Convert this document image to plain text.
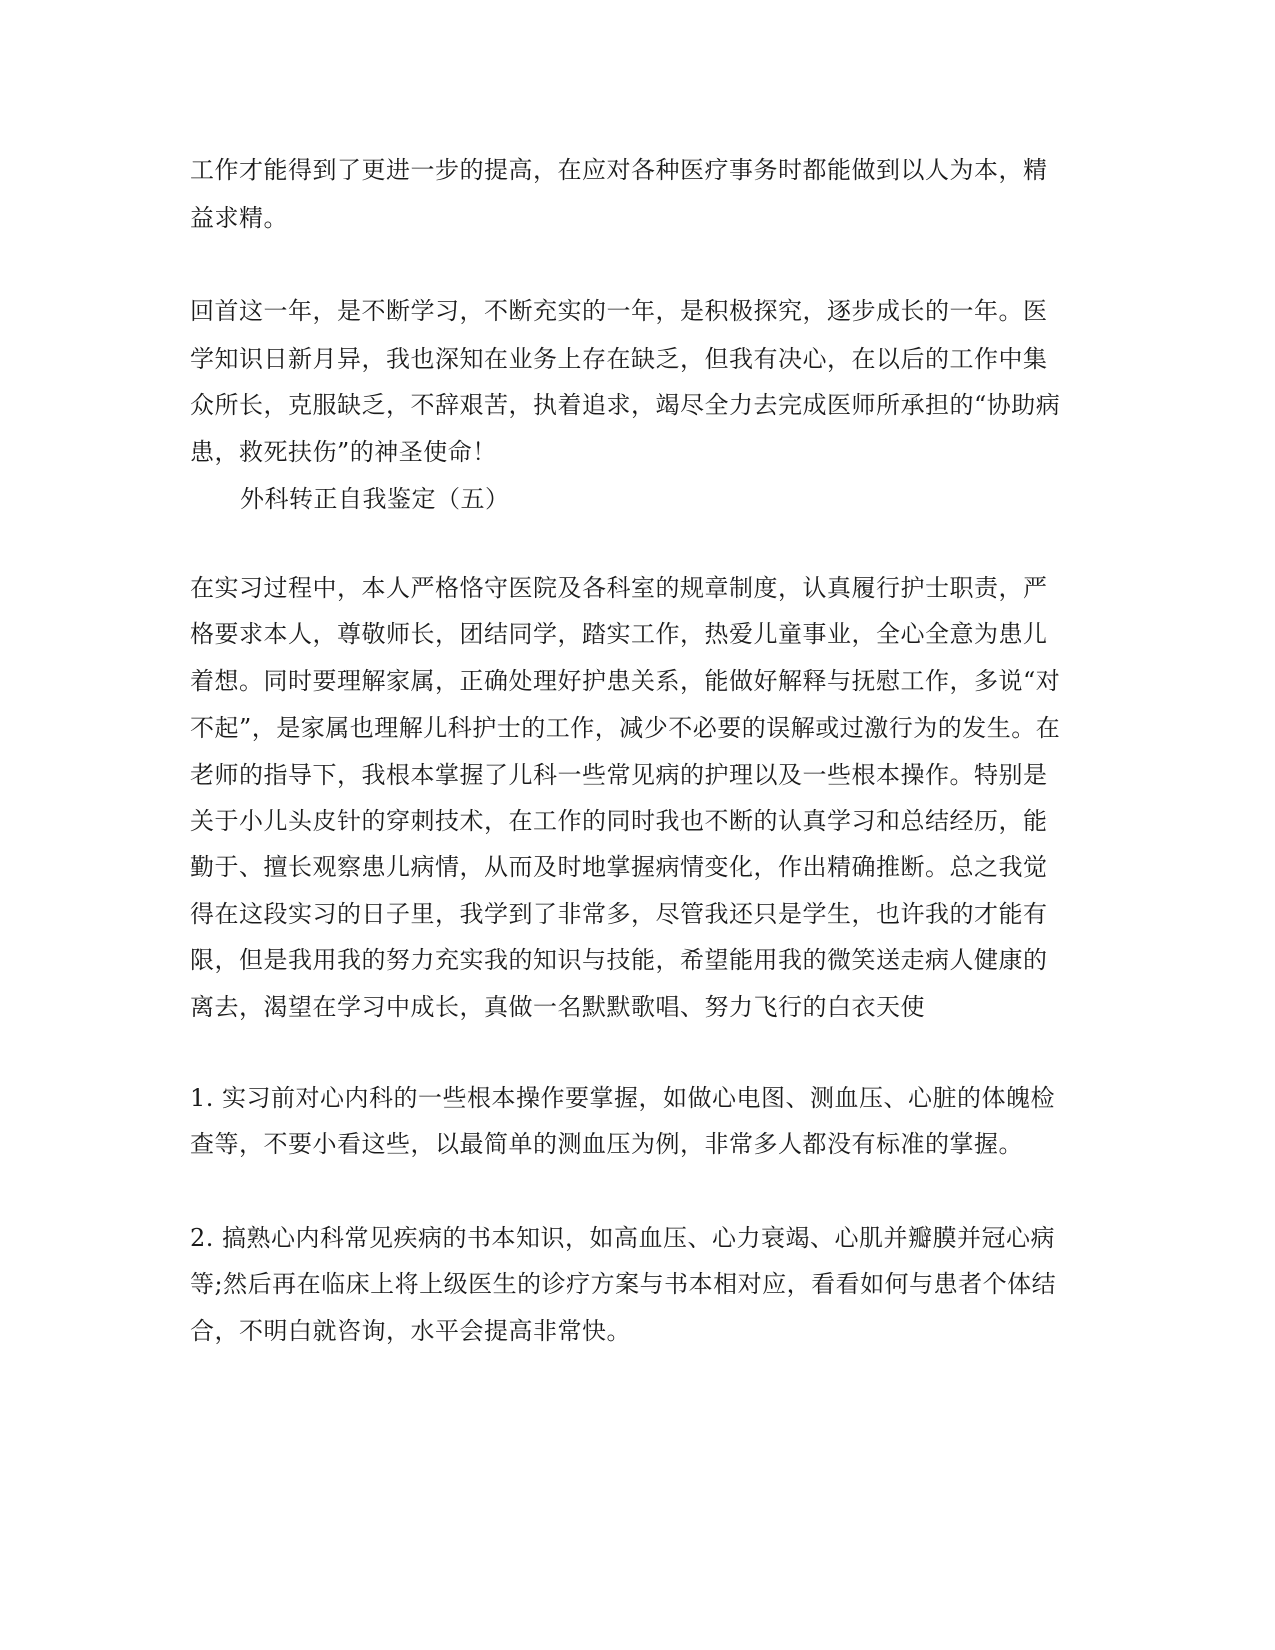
工作才能得到了更进一步的提高，在应对各种医疗事务时都能做到以人为本，精
益求精。
回首这一年，是不断学习，不断充实的一年，是积极探究，逐步成长的一年。医
学知识日新月异，我也深知在业务上存在缺乏，但我有决心，在以后的工作中集
众所长，克服缺乏，不辞艰苦，执着追求，竭尽全力去完成医师所承担的“协助病
患，救死扶伤”的神圣使命！
外科转正自我鉴定（五）
在实习过程中，本人严格恪守医院及各科室的规章制度，认真履行护士职责，严
格要求本人，尊敬师长，团结同学，踏实工作，热爱儿童事业，全心全意为患儿
着想。同时要理解家属，正确处理好护患关系，能做好解释与抚慰工作，多说“对
不起”，是家属也理解儿科护士的工作，减少不必要的误解或过激行为的发生。在
老师的指导下，我根本掌握了儿科一些常见病的护理以及一些根本操作。特别是
关于小儿头皮针的穿刺技术，在工作的同时我也不断的认真学习和总结经历，能
勤于、擅长观察患儿病情，从而及时地掌握病情变化，作出精确推断。总之我觉
得在这段实习的日子里，我学到了非常多，尽管我还只是学生，也许我的才能有
限，但是我用我的努力充实我的知识与技能，希望能用我的微笑送走病人健康的
离去，渴望在学习中成长，真做一名默默歌唱、努力飞行的白衣天使
1. 实习前对心内科的一些根本操作要掌握，如做心电图、测血压、心脏的体魄检
查等，不要小看这些，以最简单的测血压为例，非常多人都没有标准的掌握。
2. 搞熟心内科常见疾病的书本知识，如高血压、心力衰竭、心肌并瓣膜并冠心病
等;然后再在临床上将上级医生的诊疗方案与书本相对应，看看如何与患者个体结
合，不明白就咨询，水平会提高非常快。
